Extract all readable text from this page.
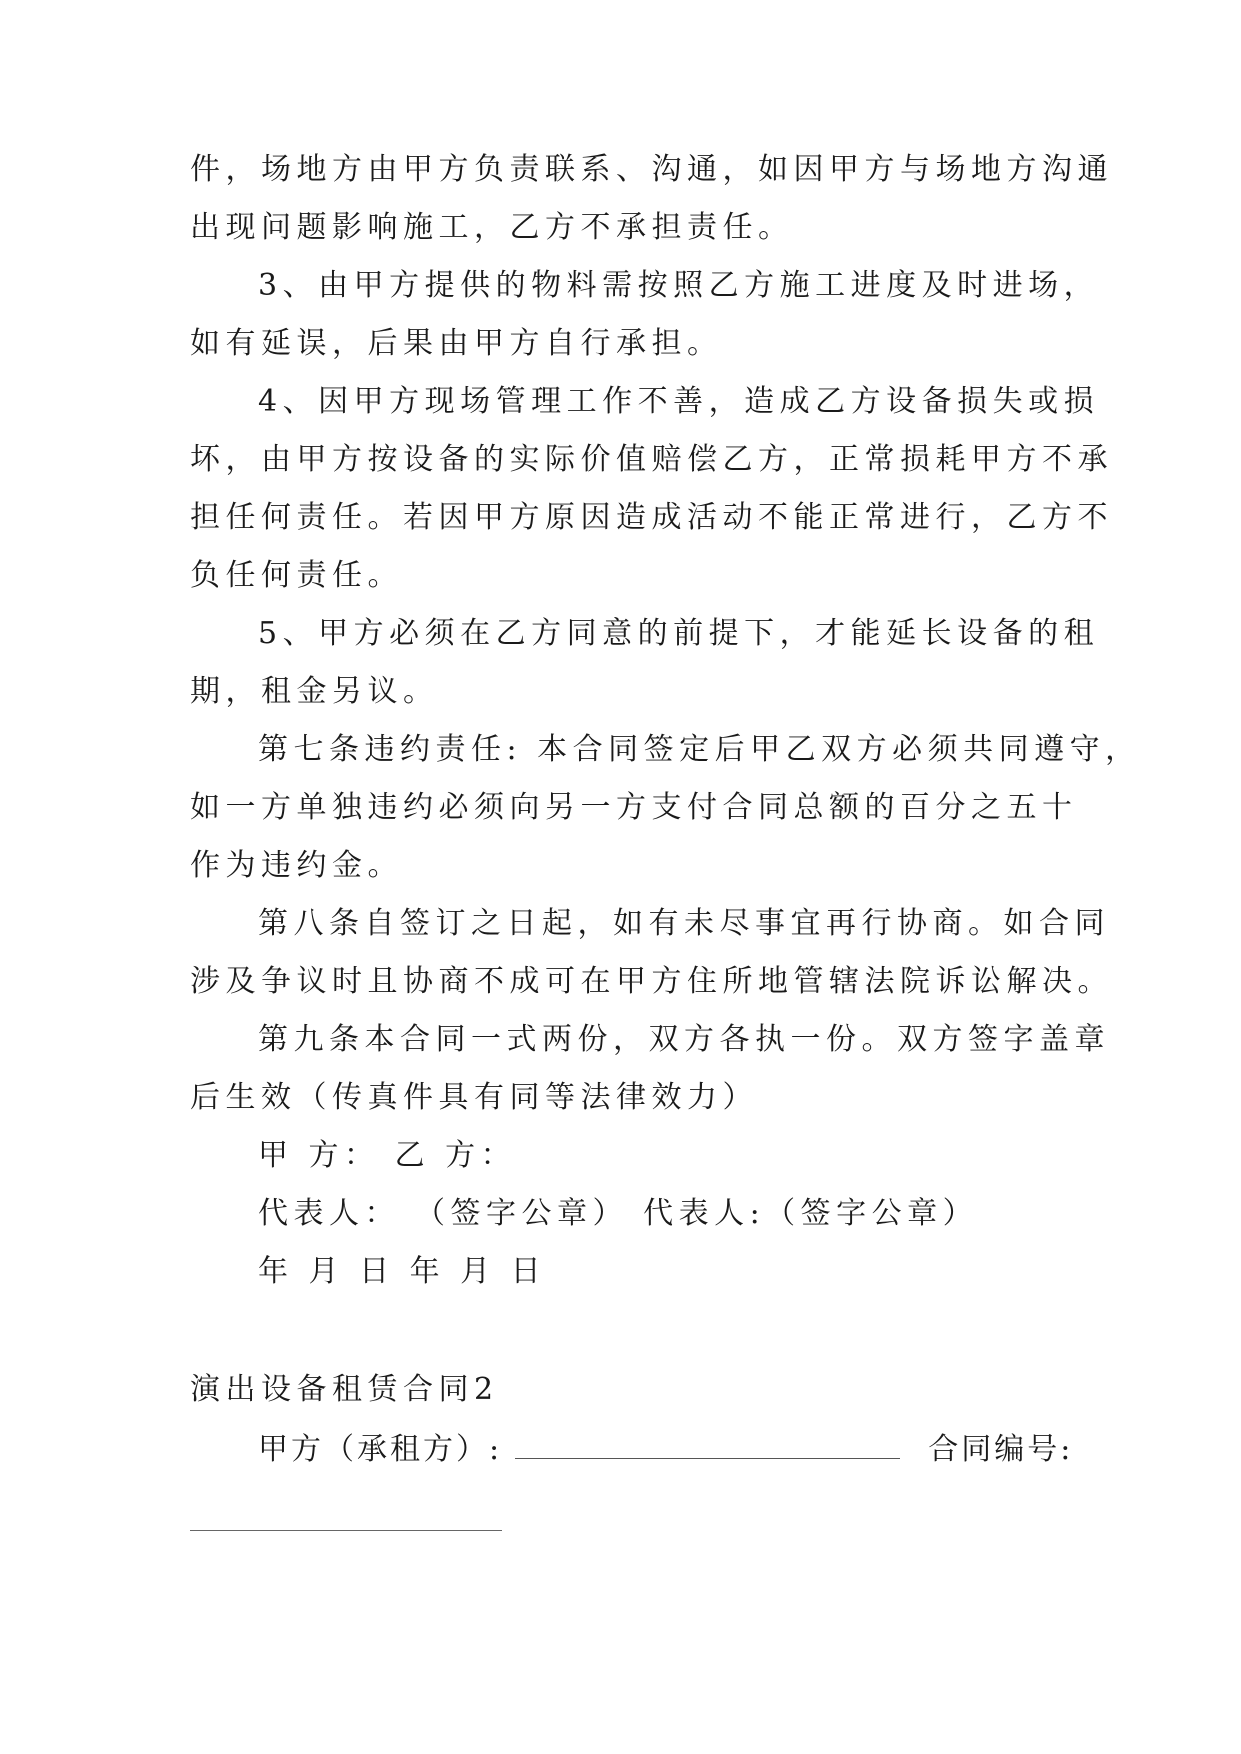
件，场地方由甲方负责联系、沟通，如因甲方与场地方沟通
出现问题影响施工，乙方不承担责任。
3、由甲方提供的物料需按照乙方施工进度及时进场，
如有延误，后果由甲方自行承担。
4、因甲方现场管理工作不善，造成乙方设备损失或损
坏，由甲方按设备的实际价值赔偿乙方，正常损耗甲方不承
担任何责任。若因甲方原因造成活动不能正常进行，乙方不
负任何责任。
5、甲方必须在乙方同意的前提下，才能延长设备的租
期，租金另议。
第七条违约责任: 本合同签定后甲乙双方必须共同遵守，
如一方单独违约必须向另一方支付合同总额的百分之五十
作为违约金。
第八条自签订之日起，如有未尽事宜再行协商。如合同
涉及争议时且协商不成可在甲方住所地管辖法院诉讼解决。
第九条本合同一式两份，双方各执一份。双方签字盖章
后生效（传真件具有同等法律效力）
甲 方： 乙 方：
代表人： （签字公章） 代表人:（签字公章）
年 月 日 年 月 日
演出设备租赁合同2
甲方（承租方）:	合同编号:
